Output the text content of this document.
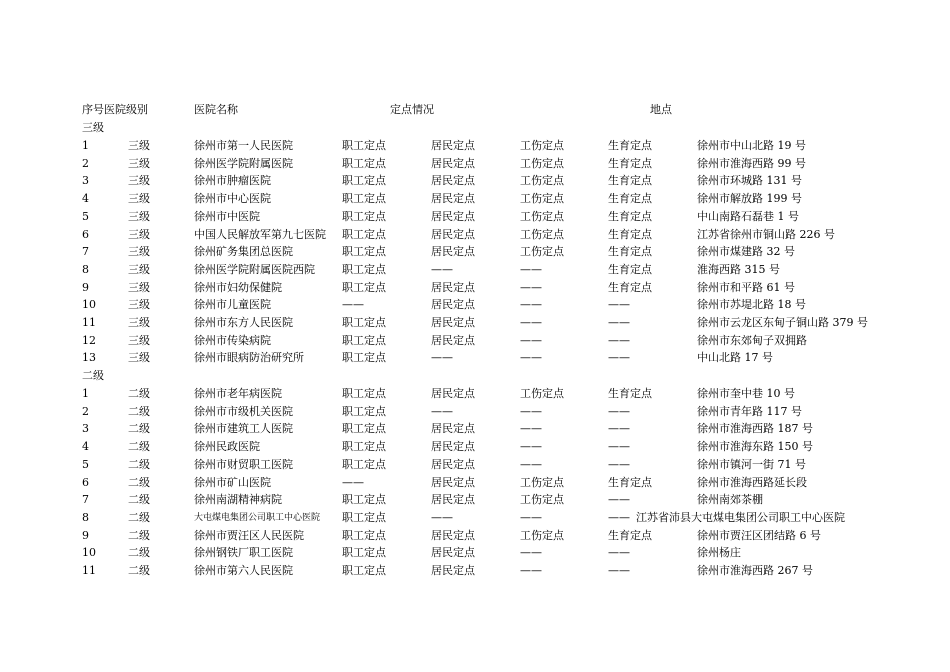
序号医院级别	医院名称	定点情况	地点
三级
二级
1	三级	徐州市第一人民医院	职工定点	居民定点	工伤定点	生育定点	徐州市中山北路 19 号
2	三级	徐州医学院附属医院	职工定点	居民定点	工伤定点	生育定点	徐州市淮海西路 99 号
3	三级	徐州市肿瘤医院	职工定点	居民定点	工伤定点	生育定点	徐州市环城路 131 号
4	三级	徐州市中心医院	职工定点	居民定点	工伤定点	生育定点	徐州市解放路 199 号
5	三级	徐州市中医院	职工定点	居民定点	工伤定点	生育定点	中山南路石磊巷 1 号
6	三级	中国人民解放军第九七医院 职工定点	居民定点	工伤定点	生育定点	江苏省徐州市铜山路 226 号
7	三级	徐州矿务集团总医院	职工定点	居民定点	工伤定点	生育定点	徐州市煤建路 32 号
8	三级	徐州医学院附属医院西院 职工定点	——	——	生育定点	淮海西路 315 号
9	三级	徐州市妇幼保健院	职工定点	居民定点	——	生育定点	徐州市和平路 61 号
10	三级	徐州市儿童医院	——	居民定点	——	——	徐州市苏堤北路 18 号
11	三级	徐州市东方人民医院	职工定点	居民定点	——	——	徐州市云龙区东甸子铜山路 379 号
12	三级	徐州市传染病院	职工定点	居民定点	——	——	徐州市东郊甸子双拥路
13	三级	徐州市眼病防治研究所	职工定点	——	——	——	中山北路 17 号
1	二级	徐州市老年病医院	职工定点	居民定点	工伤定点	生育定点	徐州市奎中巷 10 号
2	二级	徐州市市级机关医院	职工定点	——	——	——	徐州市青年路 117 号
3	二级	徐州市建筑工人医院	职工定点	居民定点	——	——	徐州市淮海西路 187 号
4	二级	徐州民政医院	职工定点	居民定点	——	——	徐州市淮海东路 150 号
5	二级	徐州市财贸职工医院	职工定点	居民定点	——	——	徐州市镇河一街 71 号
6	二级	徐州市矿山医院	——	居民定点	工伤定点	生育定点	徐州市淮海西路延长段
7	二级	徐州南湖精神病院	职工定点	居民定点	工伤定点	——	徐州南郊茶棚
8	二级	大屯煤电集团公司职工中心医院 职工定点	——	——	—— 江苏省沛县大屯煤电集团公司职工中心医院
9	二级	徐州市贾汪区人民医院	职工定点	居民定点	工伤定点	生育定点	徐州市贾汪区团结路 6 号
10	二级	徐州钢铁厂职工医院	职工定点	居民定点	——	——	徐州杨庄
11	二级	徐州市第六人民医院	职工定点	居民定点	——	——	徐州市淮海西路 267 号
